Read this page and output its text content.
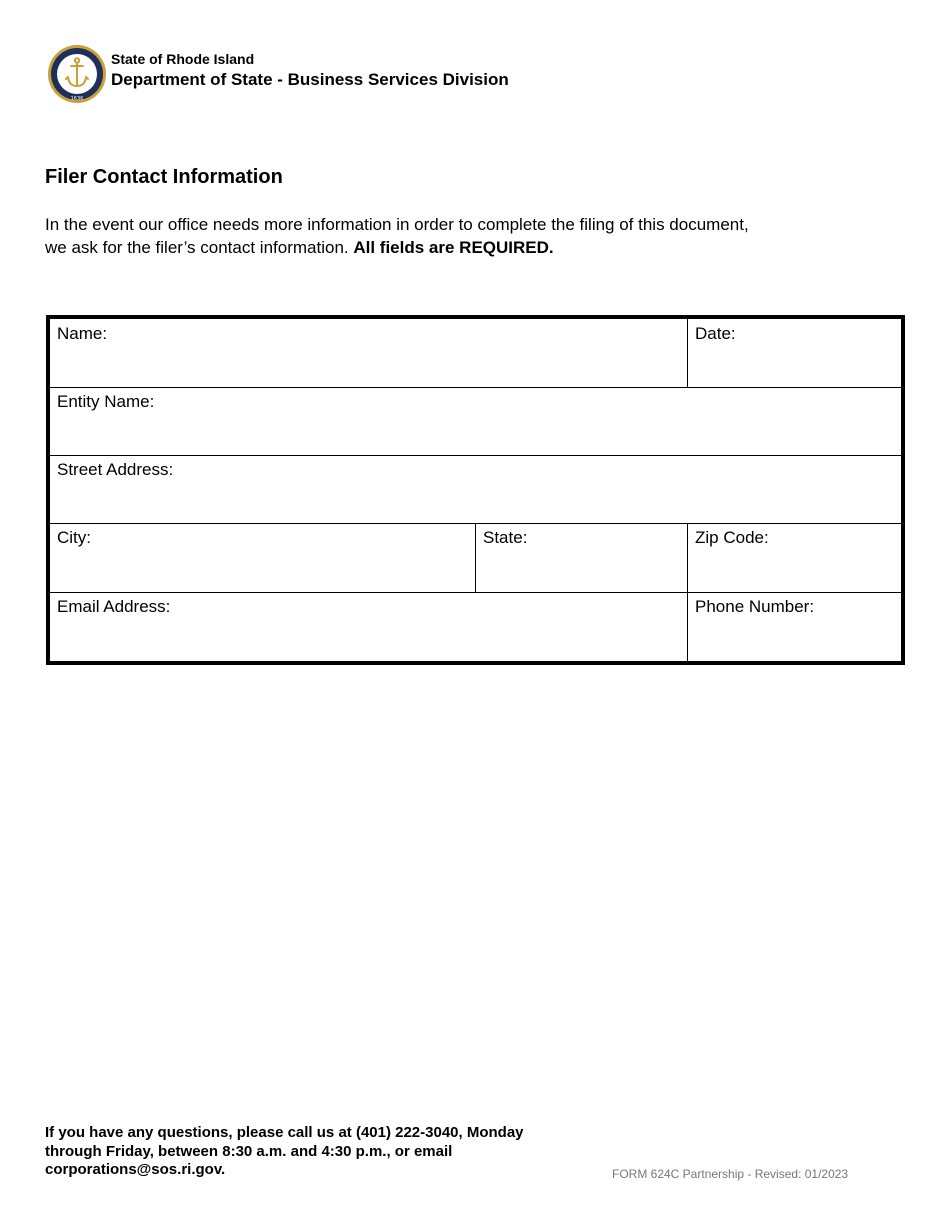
1636
State of Rhode Island
Department of State - Business Services Division
Filer Contact Information
In the event our office needs more information in order to complete the filing of this document, we ask for the filer’s contact information. All fields are REQUIRED.
Name:	Date:
Entity Name:
Street Address:
City:	State:	Zip Code:
Email Address:	Phone Number:
If you have any questions, please call us at (401) 222-3040, Monday through Friday, between 8:30 a.m. and 4:30 p.m., or email corporations@sos.ri.gov.	FORM 624C Partnership - Revised: 01/2023
